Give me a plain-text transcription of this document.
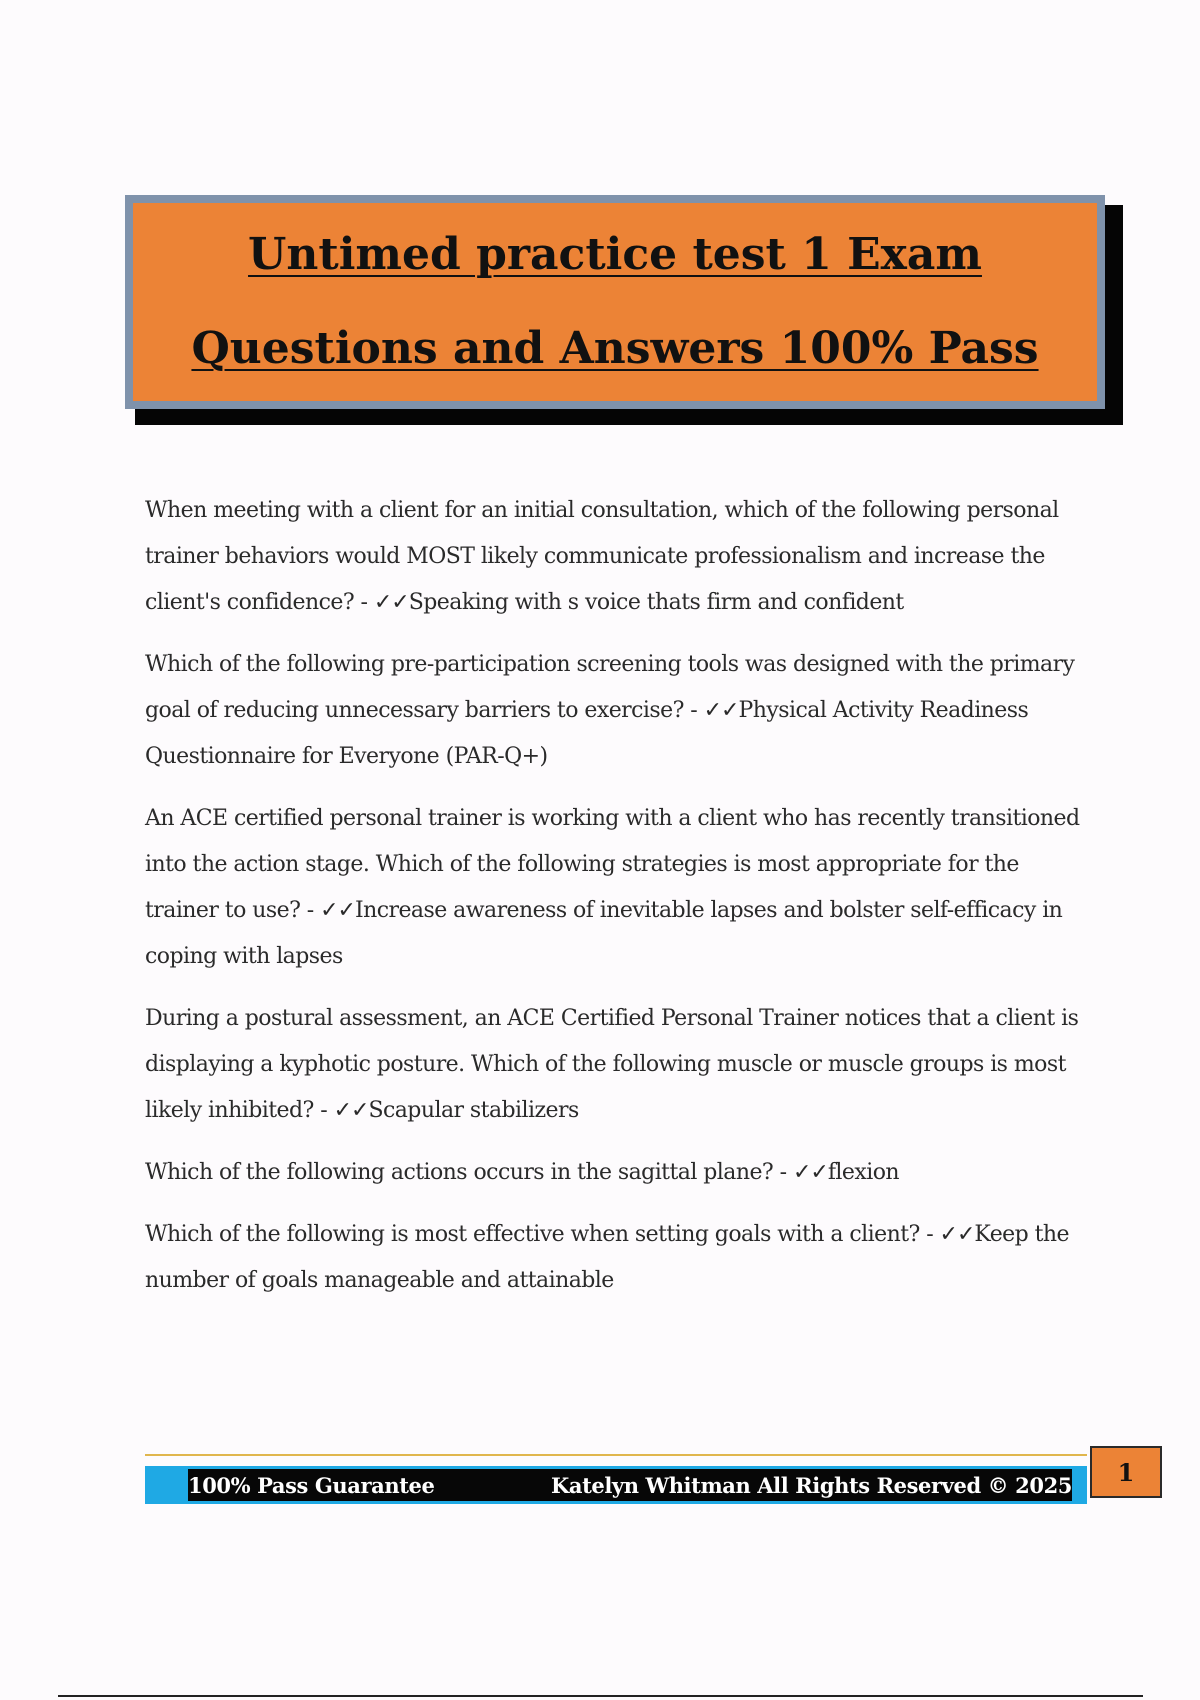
Untimed practice test 1 Exam
Questions and Answers 100% Pass

When meeting with a client for an initial consultation, which of the following personal trainer behaviors would MOST likely communicate professionalism and increase the client's confidence? - ✓✓Speaking with s voice thats firm and confident

Which of the following pre-participation screening tools was designed with the primary goal of reducing unnecessary barriers to exercise? - ✓✓Physical Activity Readiness Questionnaire for Everyone (PAR-Q+)

An ACE certified personal trainer is working with a client who has recently transitioned into the action stage. Which of the following strategies is most appropriate for the trainer to use? - ✓✓Increase awareness of inevitable lapses and bolster self-efficacy in coping with lapses

During a postural assessment, an ACE Certified Personal Trainer notices that a client is displaying a kyphotic posture. Which of the following muscle or muscle groups is most likely inhibited? - ✓✓Scapular stabilizers

Which of the following actions occurs in the sagittal plane? - ✓✓flexion

Which of the following is most effective when setting goals with a client? - ✓✓Keep the number of goals manageable and attainable

100% Pass Guarantee	Katelyn Whitman All Rights Reserved © 2025	1
